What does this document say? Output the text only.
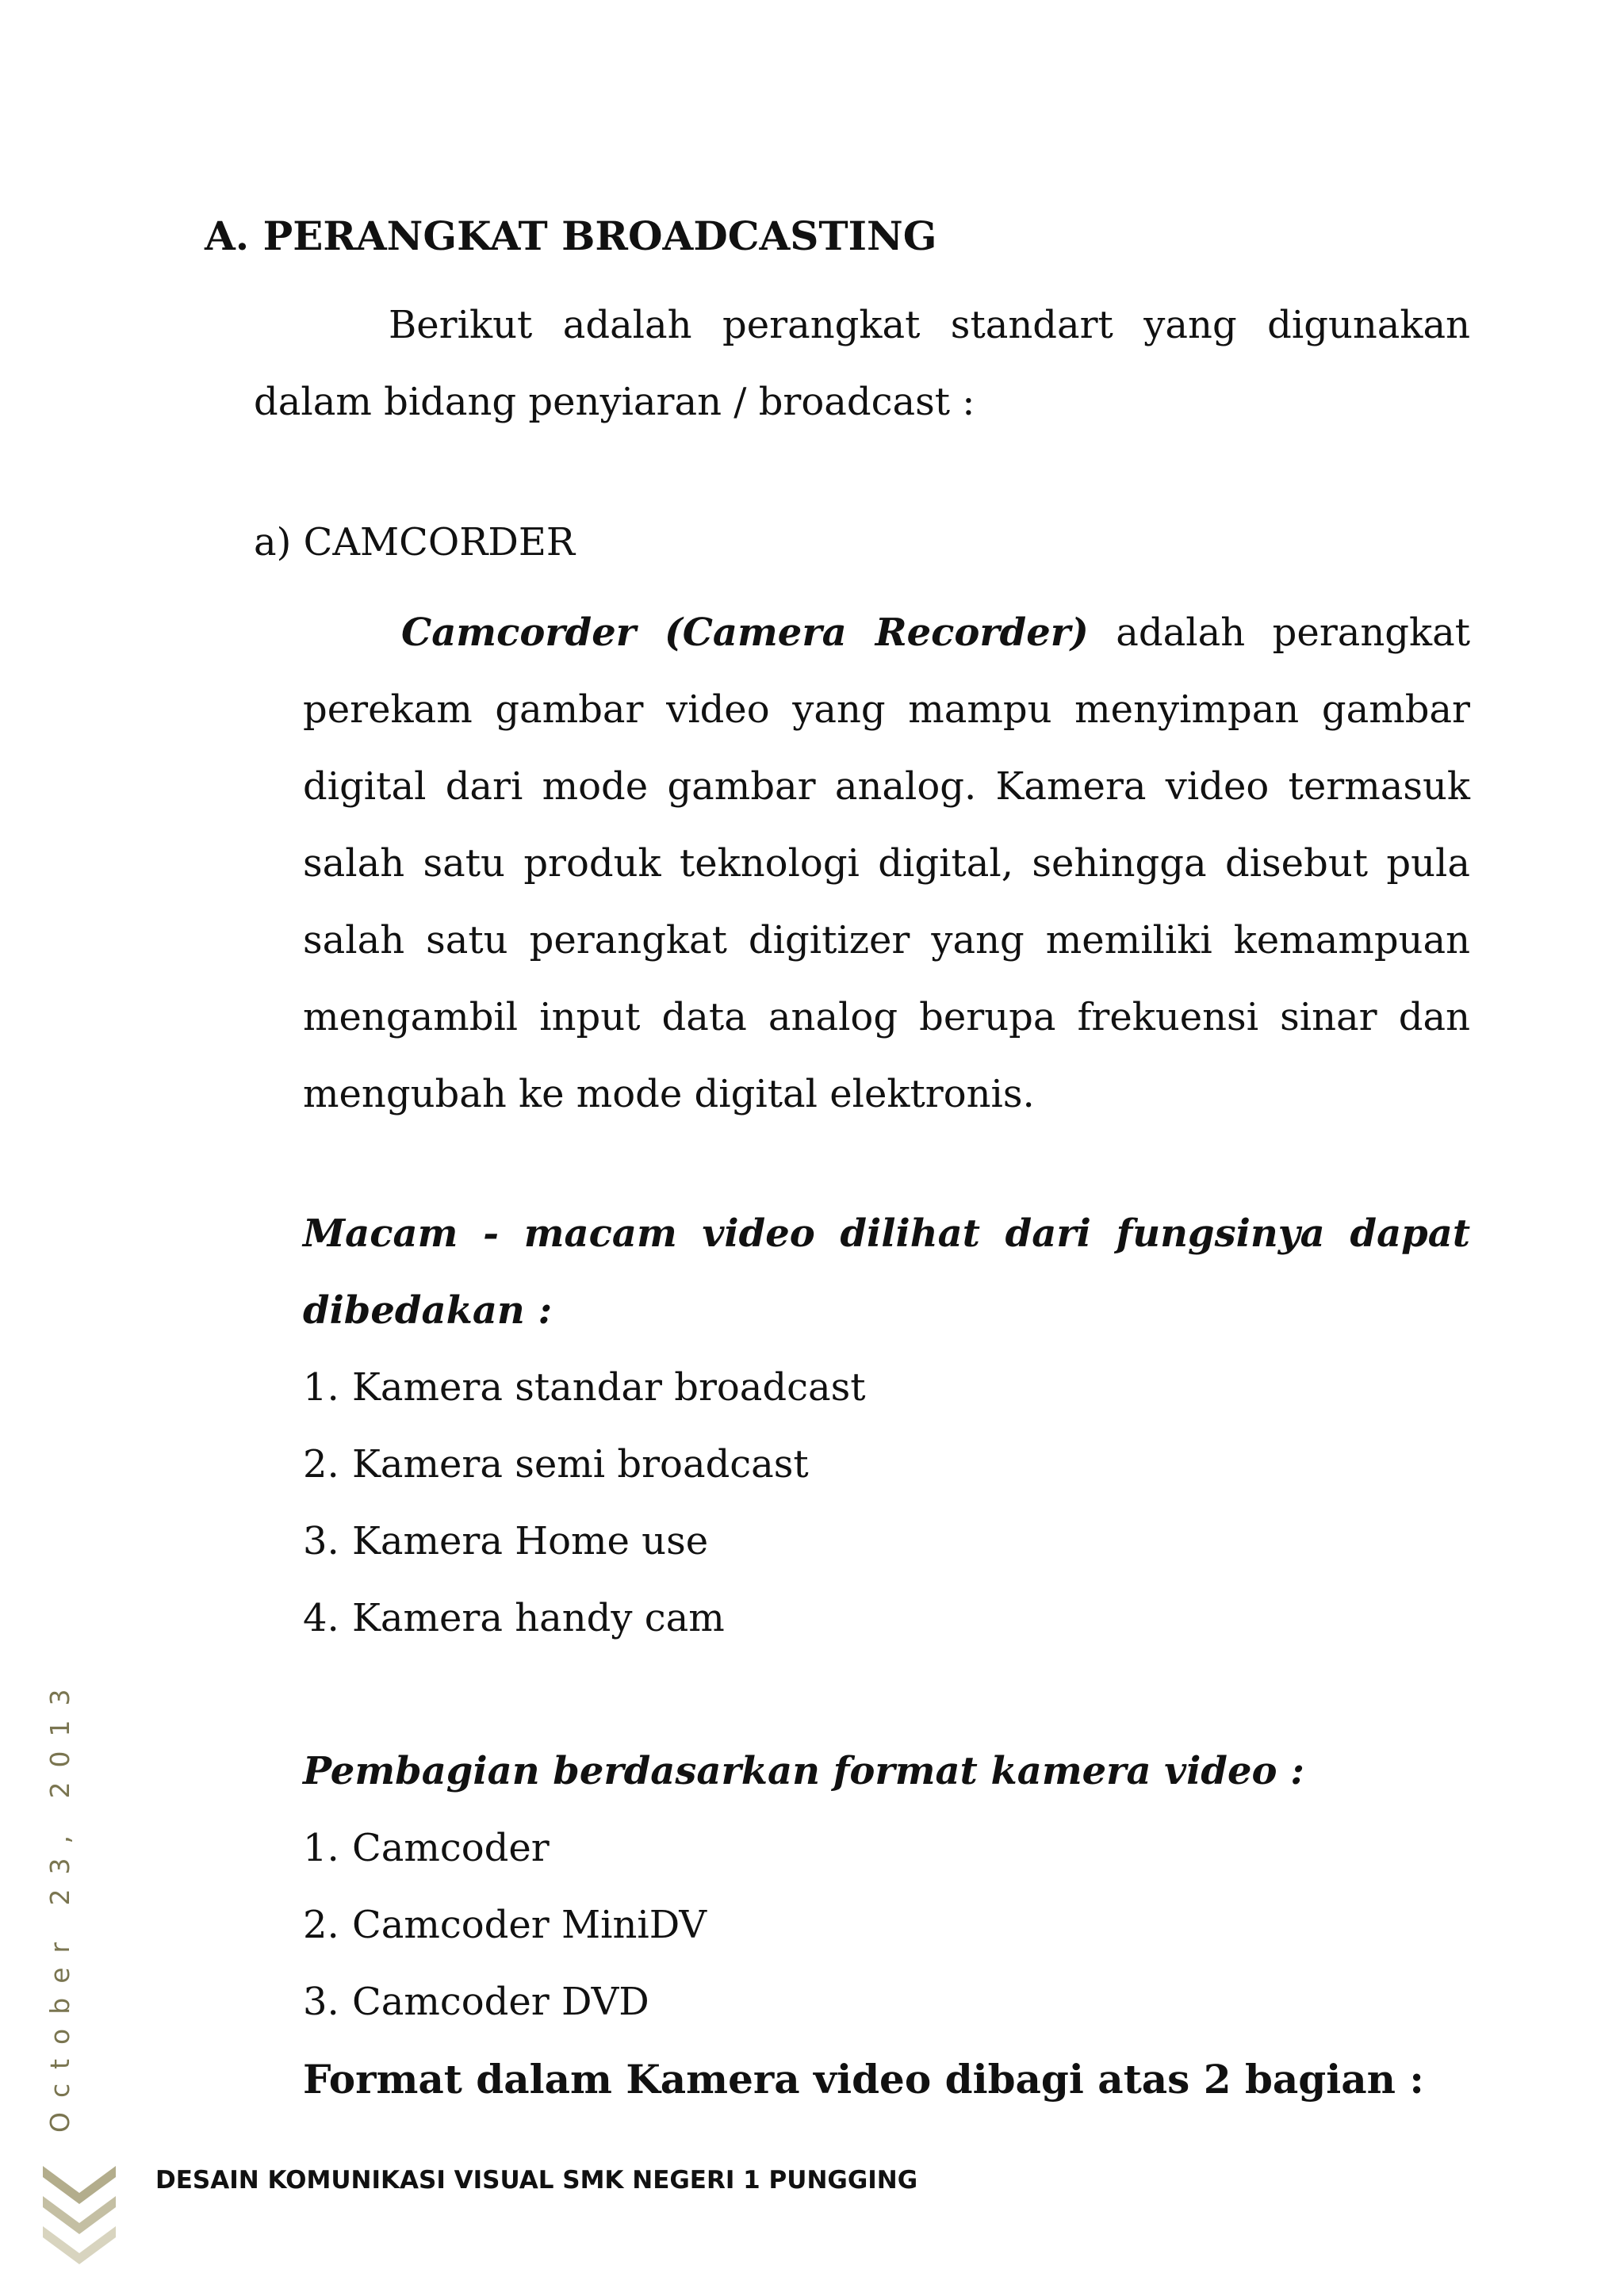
A. PERANGKAT BROADCASTING

Berikut adalah perangkat standart yang digunakan dalam bidang penyiaran / broadcast :

a) CAMCORDER

Camcorder (Camera Recorder) adalah perangkat perekam gambar video yang mampu menyimpan gambar digital dari mode gambar analog. Kamera video termasuk salah satu produk teknologi digital, sehingga disebut pula salah satu perangkat digitizer yang memiliki kemampuan mengambil input data analog berupa frekuensi sinar dan mengubah ke mode digital elektronis.

Macam - macam video dilihat dari fungsinya dapat dibedakan :

1. Kamera standar broadcast
2. Kamera semi broadcast
3. Kamera Home use
4. Kamera handy cam

Pembagian berdasarkan format kamera video :

1. Camcoder
2. Camcoder MiniDV
3. Camcoder DVD

Format dalam Kamera video dibagi atas 2 bagian :

October 23, 2013
DESAIN KOMUNIKASI VISUAL SMK NEGERI 1 PUNGGING
